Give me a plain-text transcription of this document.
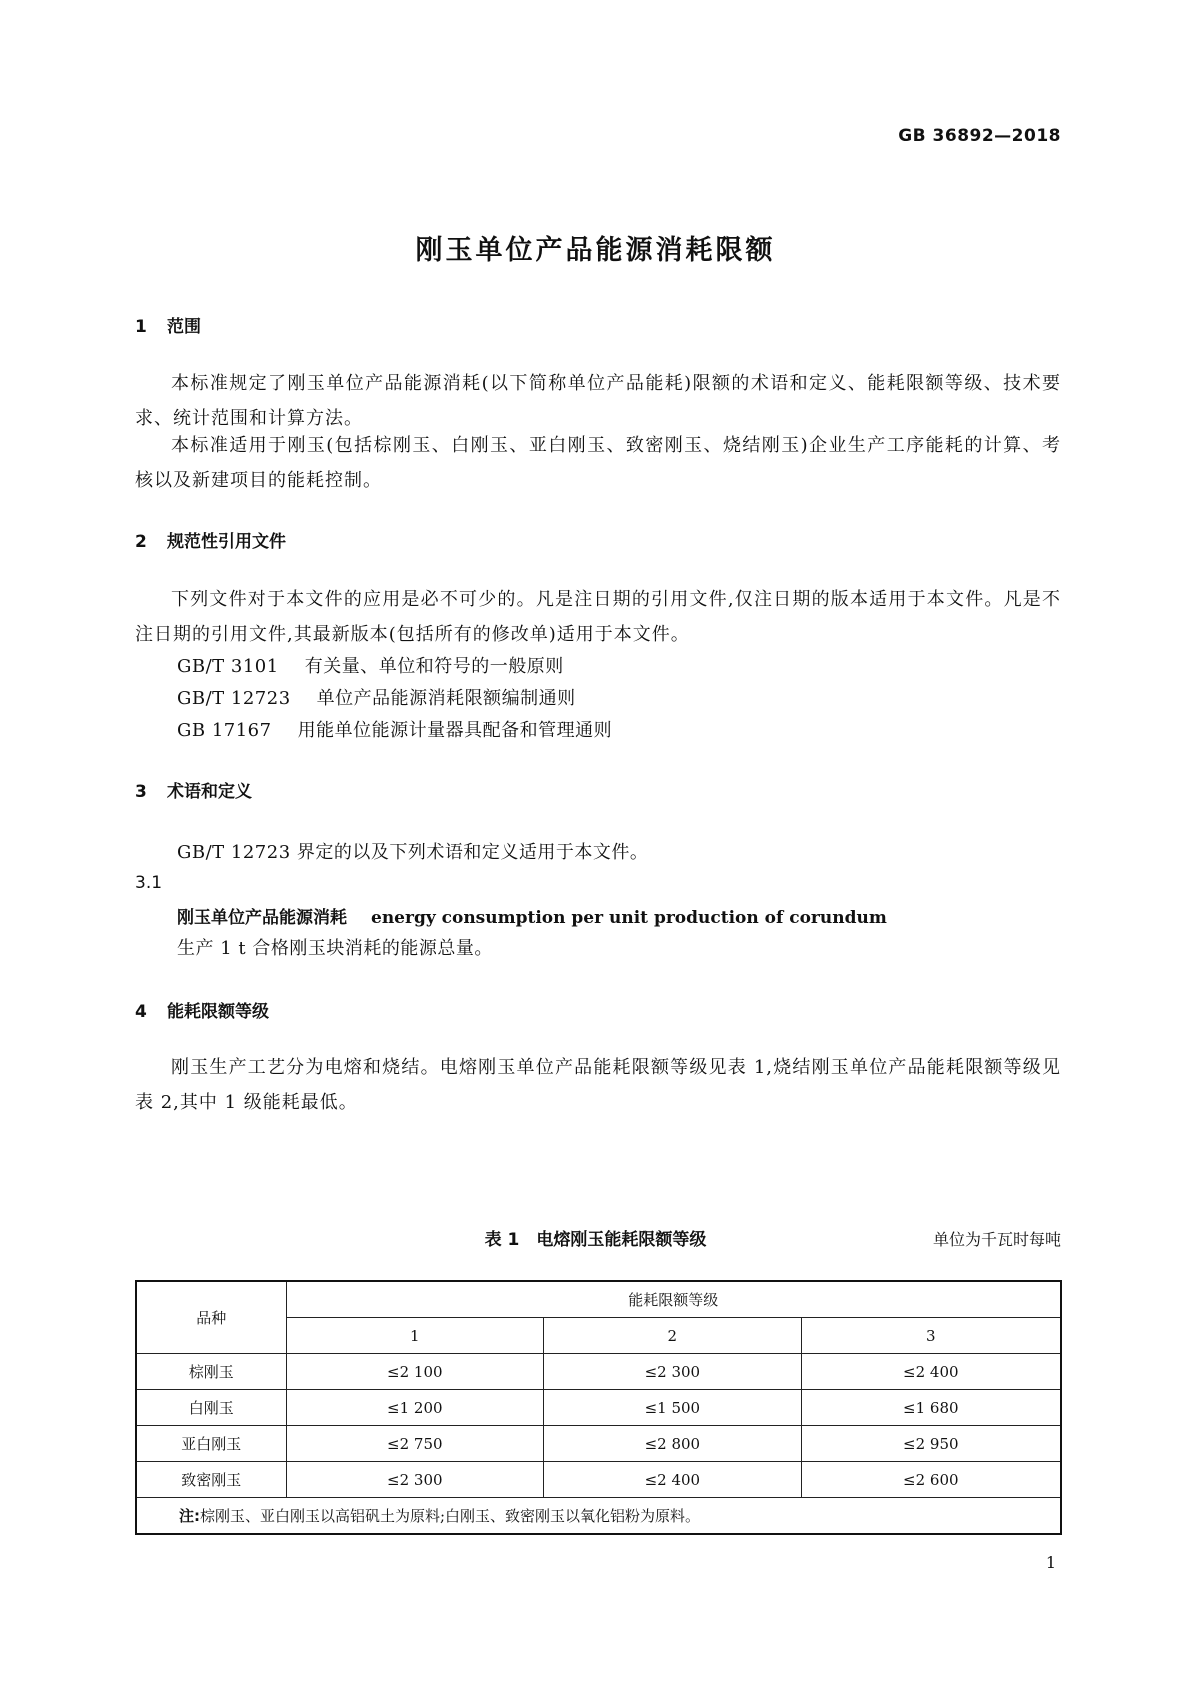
GB 36892—2018
刚玉单位产品能源消耗限额
1 范围
本标准规定了刚玉单位产品能源消耗(以下简称单位产品能耗)限额的术语和定义、能耗限额等级、技术要求、统计范围和计算方法。
本标准适用于刚玉(包括棕刚玉、白刚玉、亚白刚玉、致密刚玉、烧结刚玉)企业生产工序能耗的计算、考核以及新建项目的能耗控制。
2 规范性引用文件
下列文件对于本文件的应用是必不可少的。凡是注日期的引用文件,仅注日期的版本适用于本文件。凡是不注日期的引用文件,其最新版本(包括所有的修改单)适用于本文件。
GB/T 3101 有关量、单位和符号的一般原则
GB/T 12723 单位产品能源消耗限额编制通则
GB 17167 用能单位能源计量器具配备和管理通则
3 术语和定义
GB/T 12723 界定的以及下列术语和定义适用于本文件。
3.1
刚玉单位产品能源消耗 energy consumption per unit production of corundum
生产 1 t 合格刚玉块消耗的能源总量。
4 能耗限额等级
刚玉生产工艺分为电熔和烧结。电熔刚玉单位产品能耗限额等级见表 1,烧结刚玉单位产品能耗限额等级见表 2,其中 1 级能耗最低。
表 1　电熔刚玉能耗限额等级	单位为千瓦时每吨
品种	能耗限额等级		
	1	2	3
棕刚玉	≤2 100	≤2 300	≤2 400
白刚玉	≤1 200	≤1 500	≤1 680
亚白刚玉	≤2 750	≤2 800	≤2 950
致密刚玉	≤2 300	≤2 400	≤2 600
注:棕刚玉、亚白刚玉以高铝矾土为原料;白刚玉、致密刚玉以氧化铝粉为原料。			
1
